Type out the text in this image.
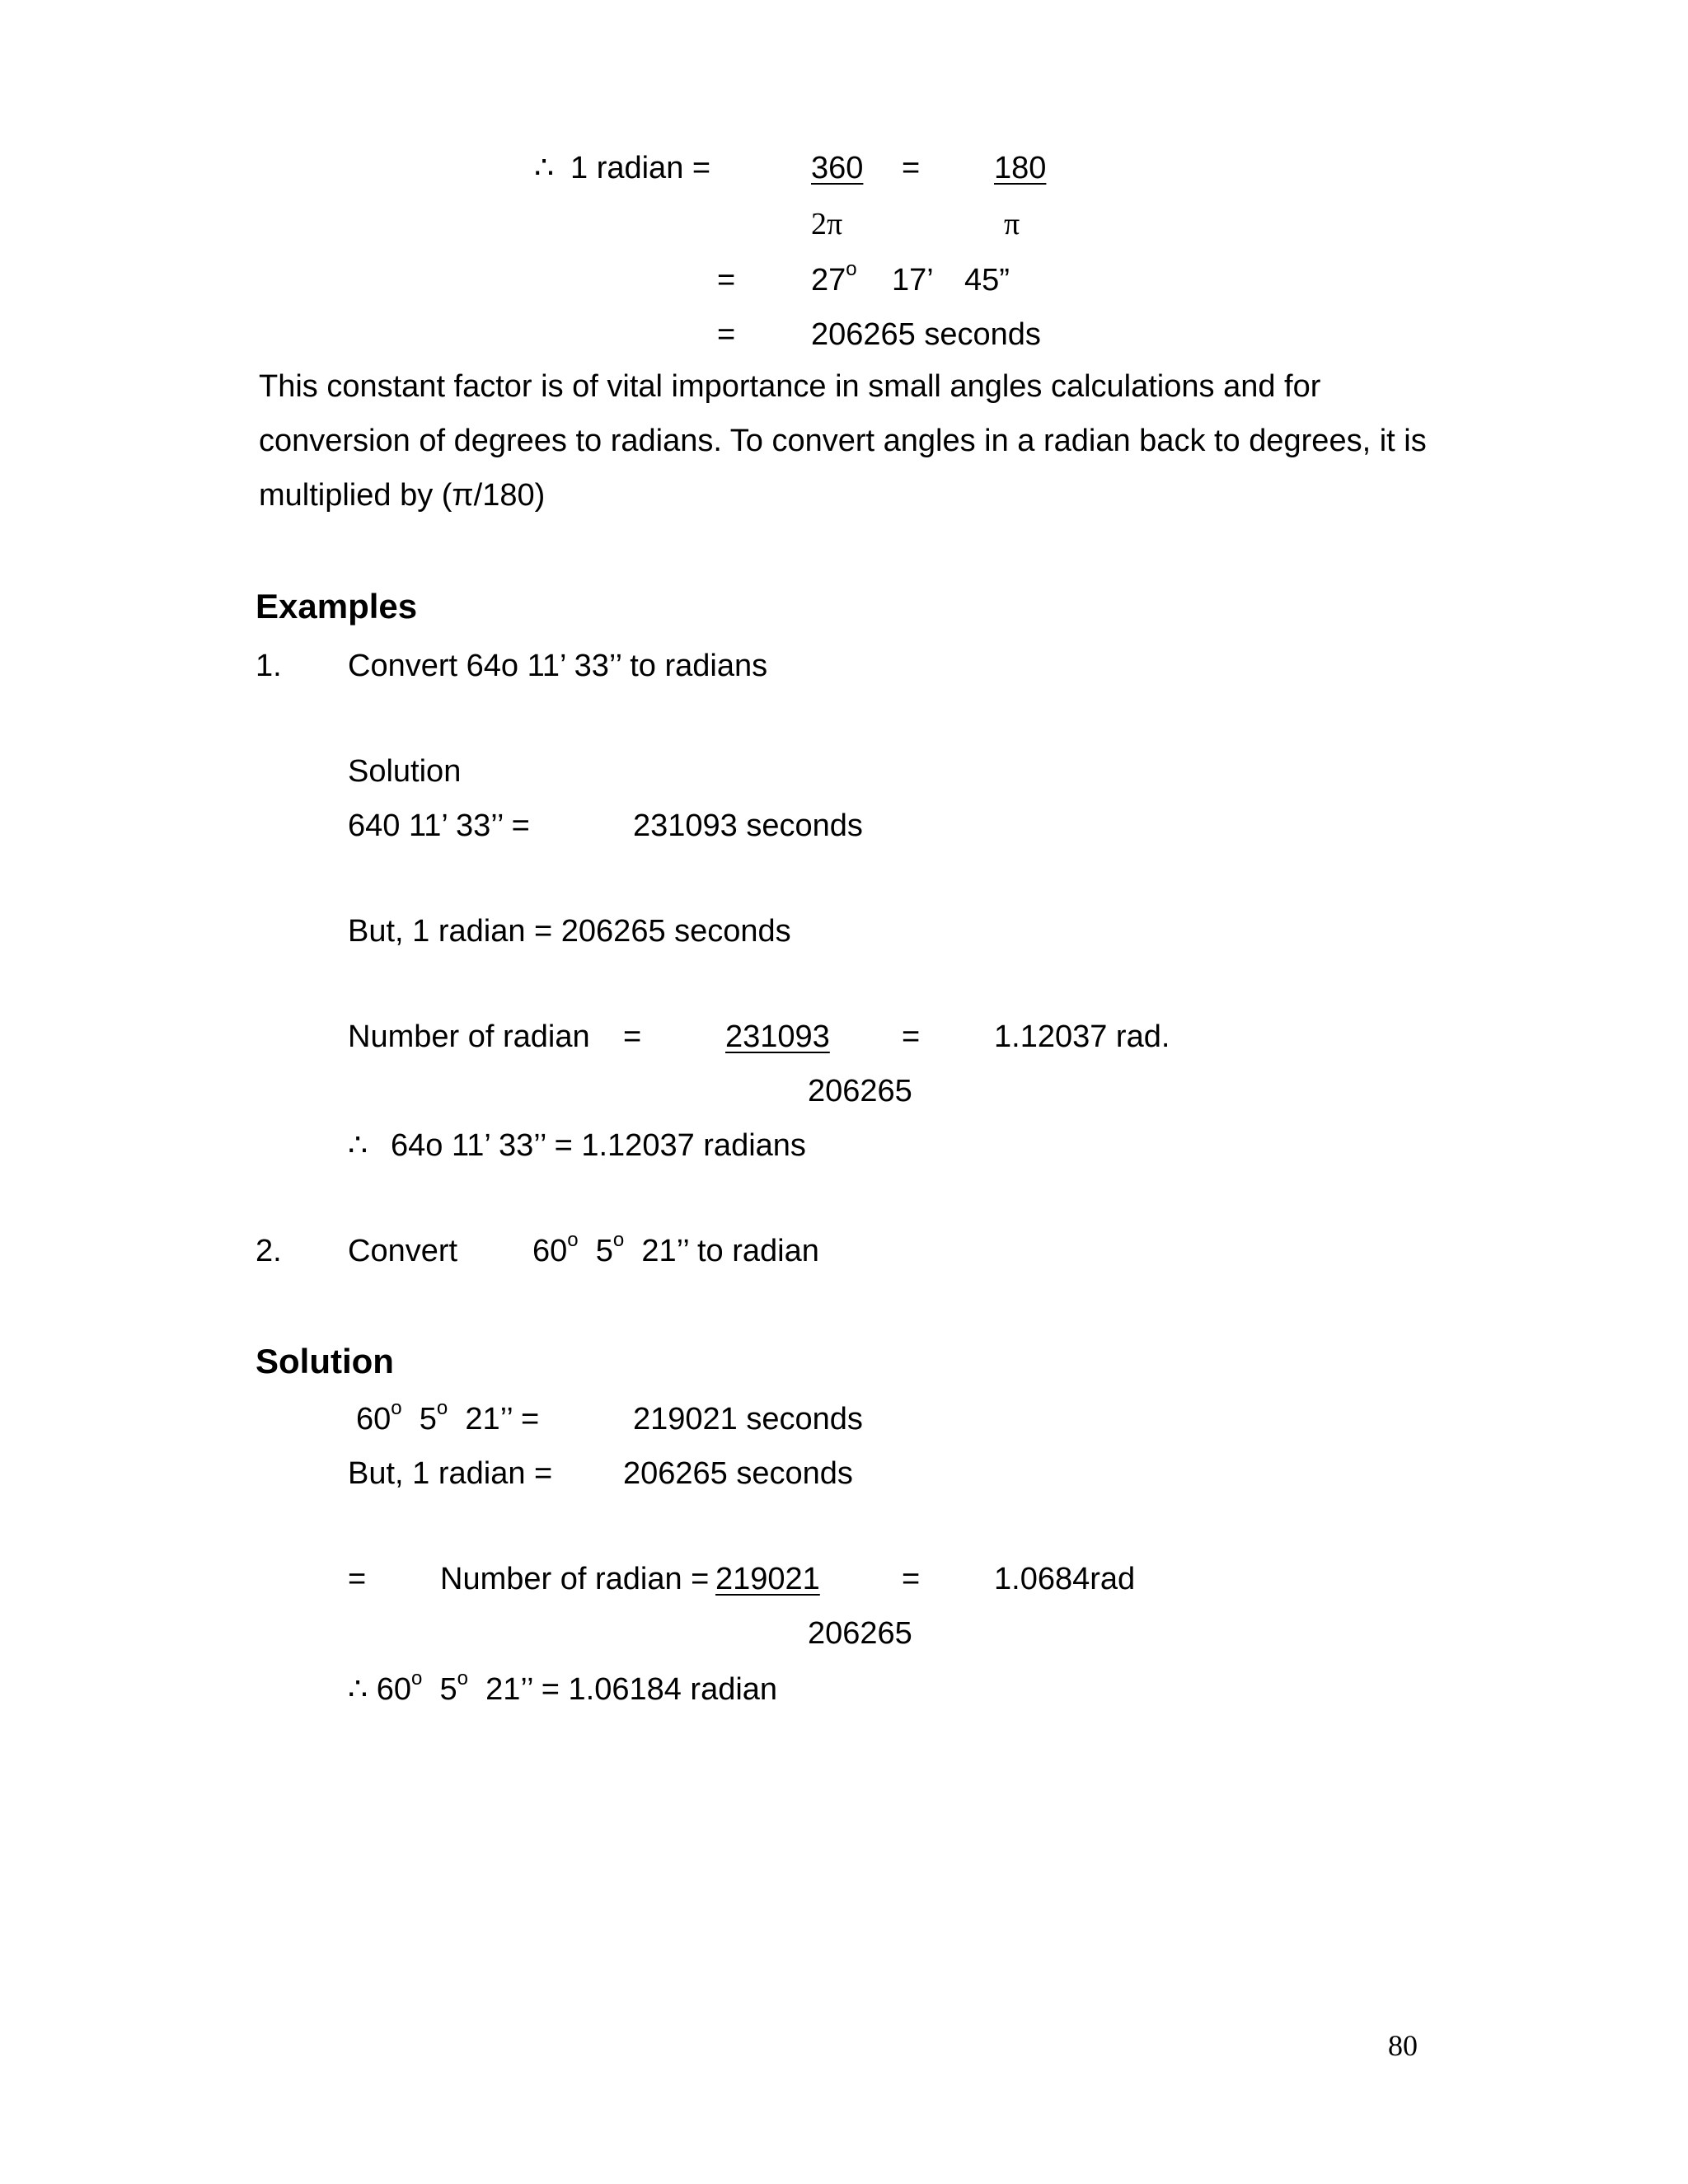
∴ 1 radian =	360 = 180
2π	π
= $27^o$ 17’ 45”
= 206265 seconds
This constant factor is of vital importance in small angles calculations and for conversion of degrees to radians. To convert angles in a radian back to degrees, it is multiplied by (π/180)
Examples
1. Convert 64o 11’ 33’’ to radians
Solution
640 11’ 33’’ =	231093 seconds
But, 1 radian = 206265 seconds
Number of radian =	231093 = 1.12037 rad.
206265
∴ 64o 11’ 33’’ = 1.12037 radians
2. Convert 60$^o$ 5$^o$ 21’’ to radian
Solution
60$^o$ 5$^o$ 21’’ =	219021 seconds
But, 1 radian = 206265 seconds
= Number of radian = 219021	= 1.0684rad
206265
∴ 60$^o$ 5$^o$ 21’’ = 1.06184 radian
80
